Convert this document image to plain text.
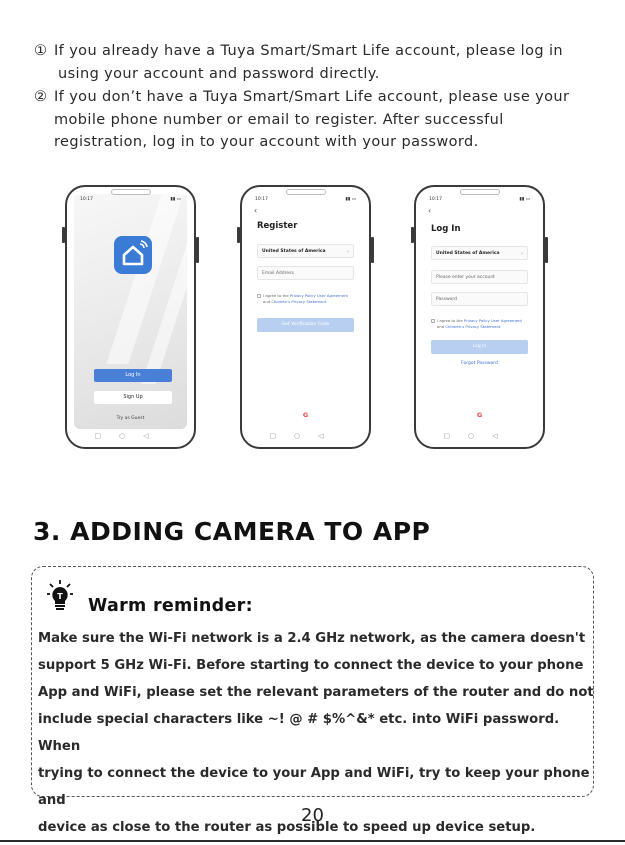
① If you already have a Tuya Smart/Smart Life account, please log in
using your account and password directly.
② If you don’t have a Tuya Smart/Smart Life account, please use your
mobile phone number or email to register. After successful
registration, log in to your account with your password.
10:17	▮▮ ▭
Log In
Sign Up
Try as Guest
▢○◁
10:17	▮▮ ▭
‹
Register
United States of America	›
Email Address
I agree to the Privacy Policy User Agreement and Children's Privacy Statement
Get Verification Code
G
▢○◁
10:17	▮▮ ▭
‹
Log In
United States of America	›
Please enter your account
Password
I agree to the Privacy Policy User Agreement and Children's Privacy Statement
Log In
Forgot Password
G
▢○◁
3. ADDING CAMERA TO APP
T Warm reminder:
Make sure the Wi-Fi network is a 2.4 GHz network, as the camera doesn't
support 5 GHz Wi-Fi. Before starting to connect the device to your phone
App and WiFi, please set the relevant parameters of the router and do not
include special characters like ~! @ # $%^&* etc. into WiFi password. When
trying to connect the device to your App and WiFi, try to keep your phone and
device as close to the router as possible to speed up device setup.
20
